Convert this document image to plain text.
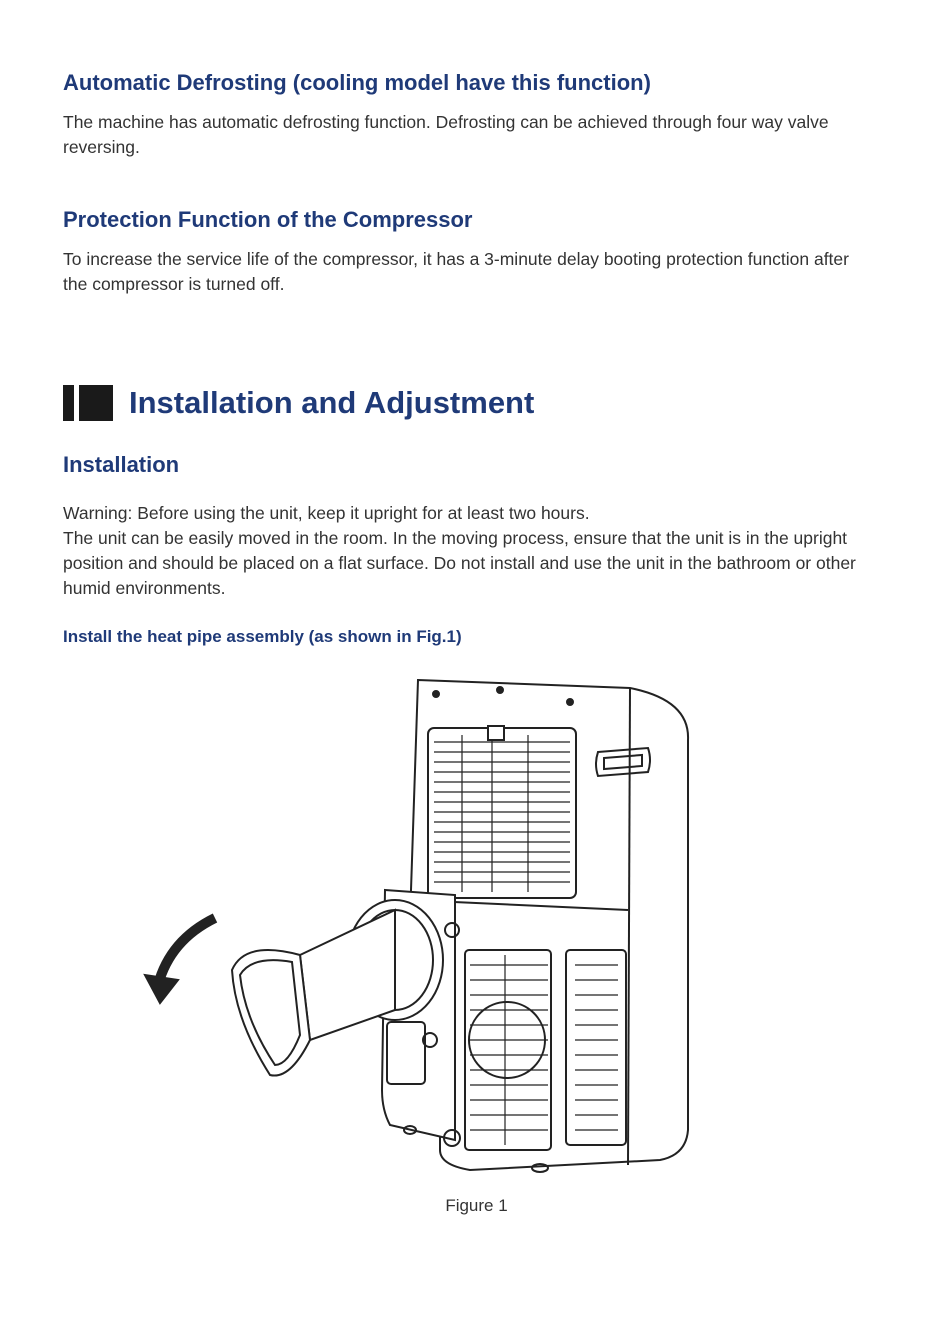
Automatic Defrosting (cooling model have this function)
The machine has automatic defrosting function. Defrosting can be achieved through four way valve reversing.
Protection Function of the Compressor
To increase the service life of the compressor, it has a 3-minute delay booting protection function after the compressor is turned off.
Installation and Adjustment
Installation
Warning: Before using the unit, keep it upright for at least two hours.
The unit can be easily moved in the room. In the moving process, ensure that the unit is in the upright position and should be placed on a flat surface. Do not install and use the unit in the bathroom or other humid environments.
Install the heat pipe assembly (as shown in Fig.1)
Figure 1
